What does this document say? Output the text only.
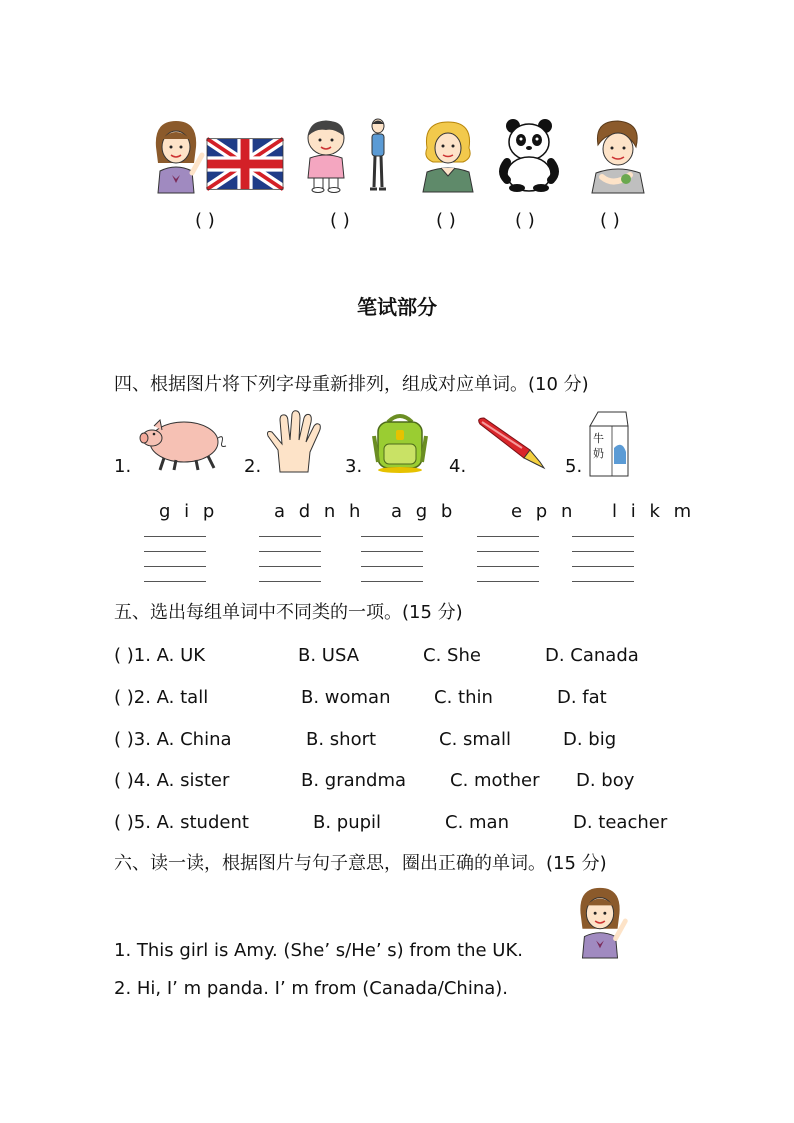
( )	( )	( )	( )	( )
笔试部分
四、根据图片将下列字母重新排列，组成对应单词。(10 分)
1.	2.	3.	4.	5.
牛
奶
g i p	a d n h a g b	e p n l i k m
五、选出每组单词中不同类的一项。(15 分)
( )1. A. UK	B. USA	C. She	D. Canada
( )2. A. tall	B. woman C. thin	D. fat
( )3. A. China	B. short	C. small	D. big
( )4. A. sister	B. grandma C. mother D. boy
( )5. A. student	B. pupil	C. man	D. teacher
六、读一读，根据图片与句子意思，圈出正确的单词。(15 分)
1. This girl is Amy. (She’ s/He’ s) from the UK.
2. Hi, I’ m panda. I’ m from (Canada/China).
